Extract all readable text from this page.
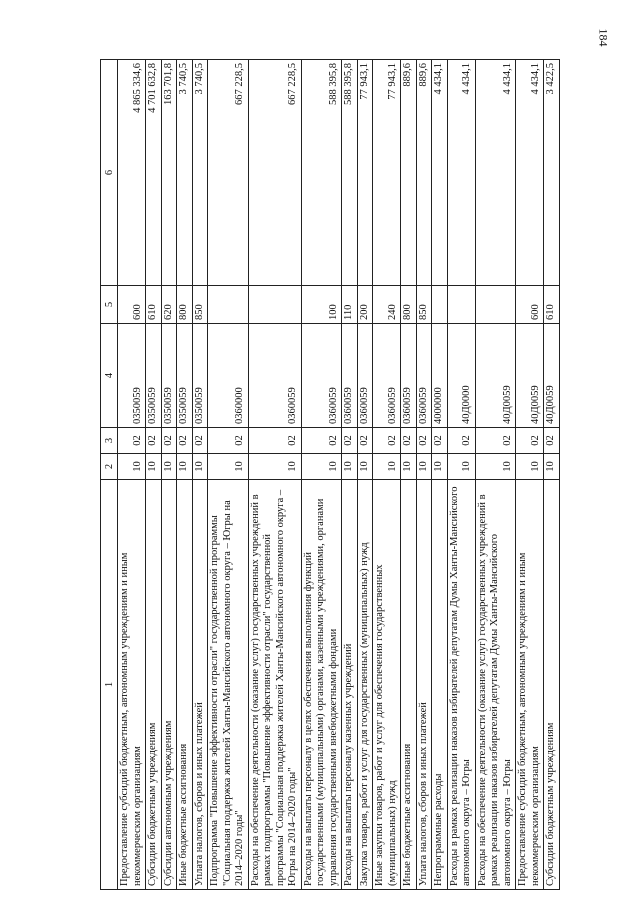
184
1	2	3	4	5	6
Предоставление субсидий бюджетным, автономным учреждениям и иным некоммерческим организациям	10	02	0350059	600	4 865 334,6
Субсидии бюджетным учреждениям	10	02	0350059	610	4 701 632,8
Субсидии автономным учреждениям	10	02	0350059	620	163 701,8
Иные бюджетные ассигнования	10	02	0350059	800	3 740,5
Уплата налогов, сборов и иных платежей	10	02	0350059	850	3 740,5
Подпрограмма "Повышение эффективности отрасли" государственной программы "Социальная поддержка жителей Ханты-Мансийского автономного округа – Югры на 2014–2020 годы"	10	02	0360000		667 228,5
Расходы на обеспечение деятельности (оказание услуг) государственных учреждений в рамках подпрограммы "Повышение эффективности отрасли" государственной программы "Социальная поддержка жителей Ханты-Мансийского автономного округа – Югры на 2014–2020 годы"	10	02	0360059		667 228,5
Расходы на выплаты персоналу в целях обеспечения выполнения функций государственными (муниципальными) органами, казенными учреждениями, органами управления государственными внебюджетными фондами	10	02	0360059	100	588 395,8
Расходы на выплаты персоналу казенных учреждений	10	02	0360059	110	588 395,8
Закупка товаров, работ и услуг для государственных (муниципальных) нужд	10	02	0360059	200	77 943,1
Иные закупки товаров, работ и услуг для обеспечения государственных (муниципальных) нужд	10	02	0360059	240	77 943,1
Иные бюджетные ассигнования	10	02	0360059	800	889,6
Уплата налогов, сборов и иных платежей	10	02	0360059	850	889,6
Непрограммные расходы	10	02	4000000		4 434,1
Расходы в рамках реализации наказов избирателей депутатам Думы Ханты-Мансийского автономного округа – Югры	10	02	40Д0000		4 434,1
Расходы на обеспечение деятельности (оказание услуг) государственных учреждений в рамках реализации наказов избирателей депутатам Думы Ханты-Мансийского автономного округа – Югры	10	02	40Д0059		4 434,1
Предоставление субсидий бюджетным, автономным учреждениям и иным некоммерческим организациям	10	02	40Д0059	600	4 434,1
Субсидии бюджетным учреждениям	10	02	40Д0059	610	3 422,5
